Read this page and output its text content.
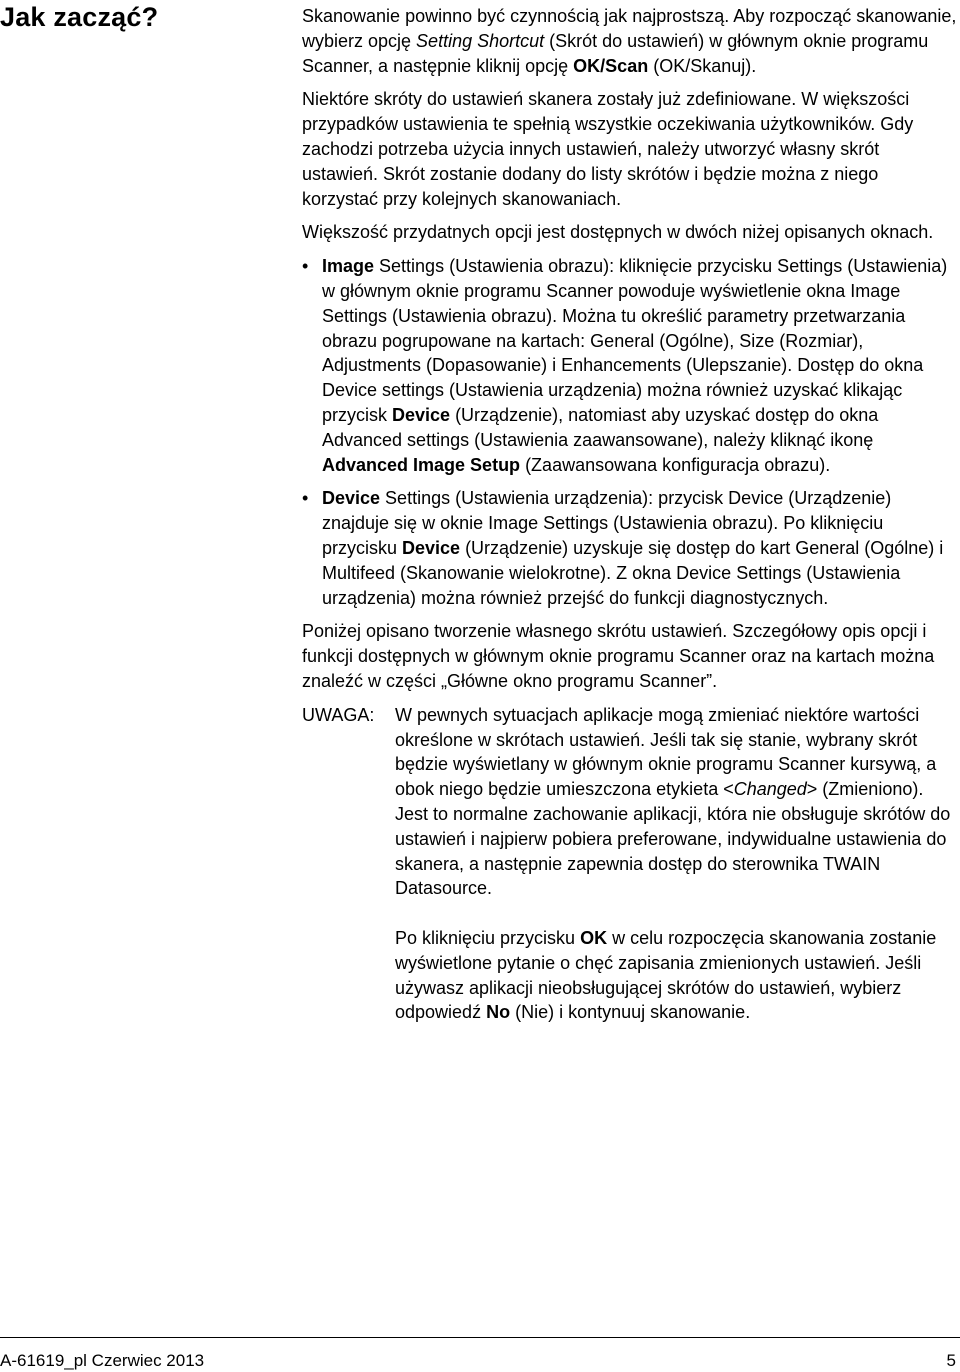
Jak zacząć?	Skanowanie powinno być czynnością jak najprostszą. Aby rozpocząć skanowanie, wybierz opcję Setting Shortcut (Skrót do ustawień) w głównym oknie programu Scanner, a następnie kliknij opcję OK/Scan (OK/Skanuj).

Niektóre skróty do ustawień skanera zostały już zdefiniowane. W większości przypadków ustawienia te spełnią wszystkie oczekiwania użytkowników. Gdy zachodzi potrzeba użycia innych ustawień, należy utworzyć własny skrót ustawień. Skrót zostanie dodany do listy skrótów i będzie można z niego korzystać przy kolejnych skanowaniach.

Większość przydatnych opcji jest dostępnych w dwóch niżej opisanych oknach.

• Image Settings (Ustawienia obrazu): kliknięcie przycisku Settings (Ustawienia) w głównym oknie programu Scanner powoduje wyświetlenie okna Image Settings (Ustawienia obrazu). Można tu określić parametry przetwarzania obrazu pogrupowane na kartach: General (Ogólne), Size (Rozmiar), Adjustments (Dopasowanie) i Enhancements (Ulepszanie). Dostęp do okna Device settings (Ustawienia urządzenia) można również uzyskać klikając przycisk Device (Urządzenie), natomiast aby uzyskać dostęp do okna Advanced settings (Ustawienia zaawansowane), należy kliknąć ikonę Advanced Image Setup (Zaawansowana konfiguracja obrazu).
• Device Settings (Ustawienia urządzenia): przycisk Device (Urządzenie) znajduje się w oknie Image Settings (Ustawienia obrazu). Po kliknięciu przycisku Device (Urządzenie) uzyskuje się dostęp do kart General (Ogólne) i Multifeed (Skanowanie wielokrotne). Z okna Device Settings (Ustawienia urządzenia) można również przejść do funkcji diagnostycznych.

Poniżej opisano tworzenie własnego skrótu ustawień. Szczegółowy opis opcji i funkcji dostępnych w głównym oknie programu Scanner oraz na kartach można znaleźć w części „Główne okno programu Scanner”.

UWAGA:	W pewnych sytuacjach aplikacje mogą zmieniać niektóre wartości określone w skrótach ustawień. Jeśli tak się stanie, wybrany skrót będzie wyświetlany w głównym oknie programu Scanner kursywą, a obok niego będzie umieszczona etykieta <Changed> (Zmieniono). Jest to normalne zachowanie aplikacji, która nie obsługuje skrótów do ustawień i najpierw pobiera preferowane, indywidualne ustawienia do skanera, a następnie zapewnia dostęp do sterownika TWAIN Datasource.

Po kliknięciu przycisku OK w celu rozpoczęcia skanowania zostanie wyświetlone pytanie o chęć zapisania zmienionych ustawień. Jeśli używasz aplikacji nieobsługującej skrótów do ustawień, wybierz odpowiedź No (Nie) i kontynuuj skanowanie.

A-61619_pl Czerwiec 2013	5
